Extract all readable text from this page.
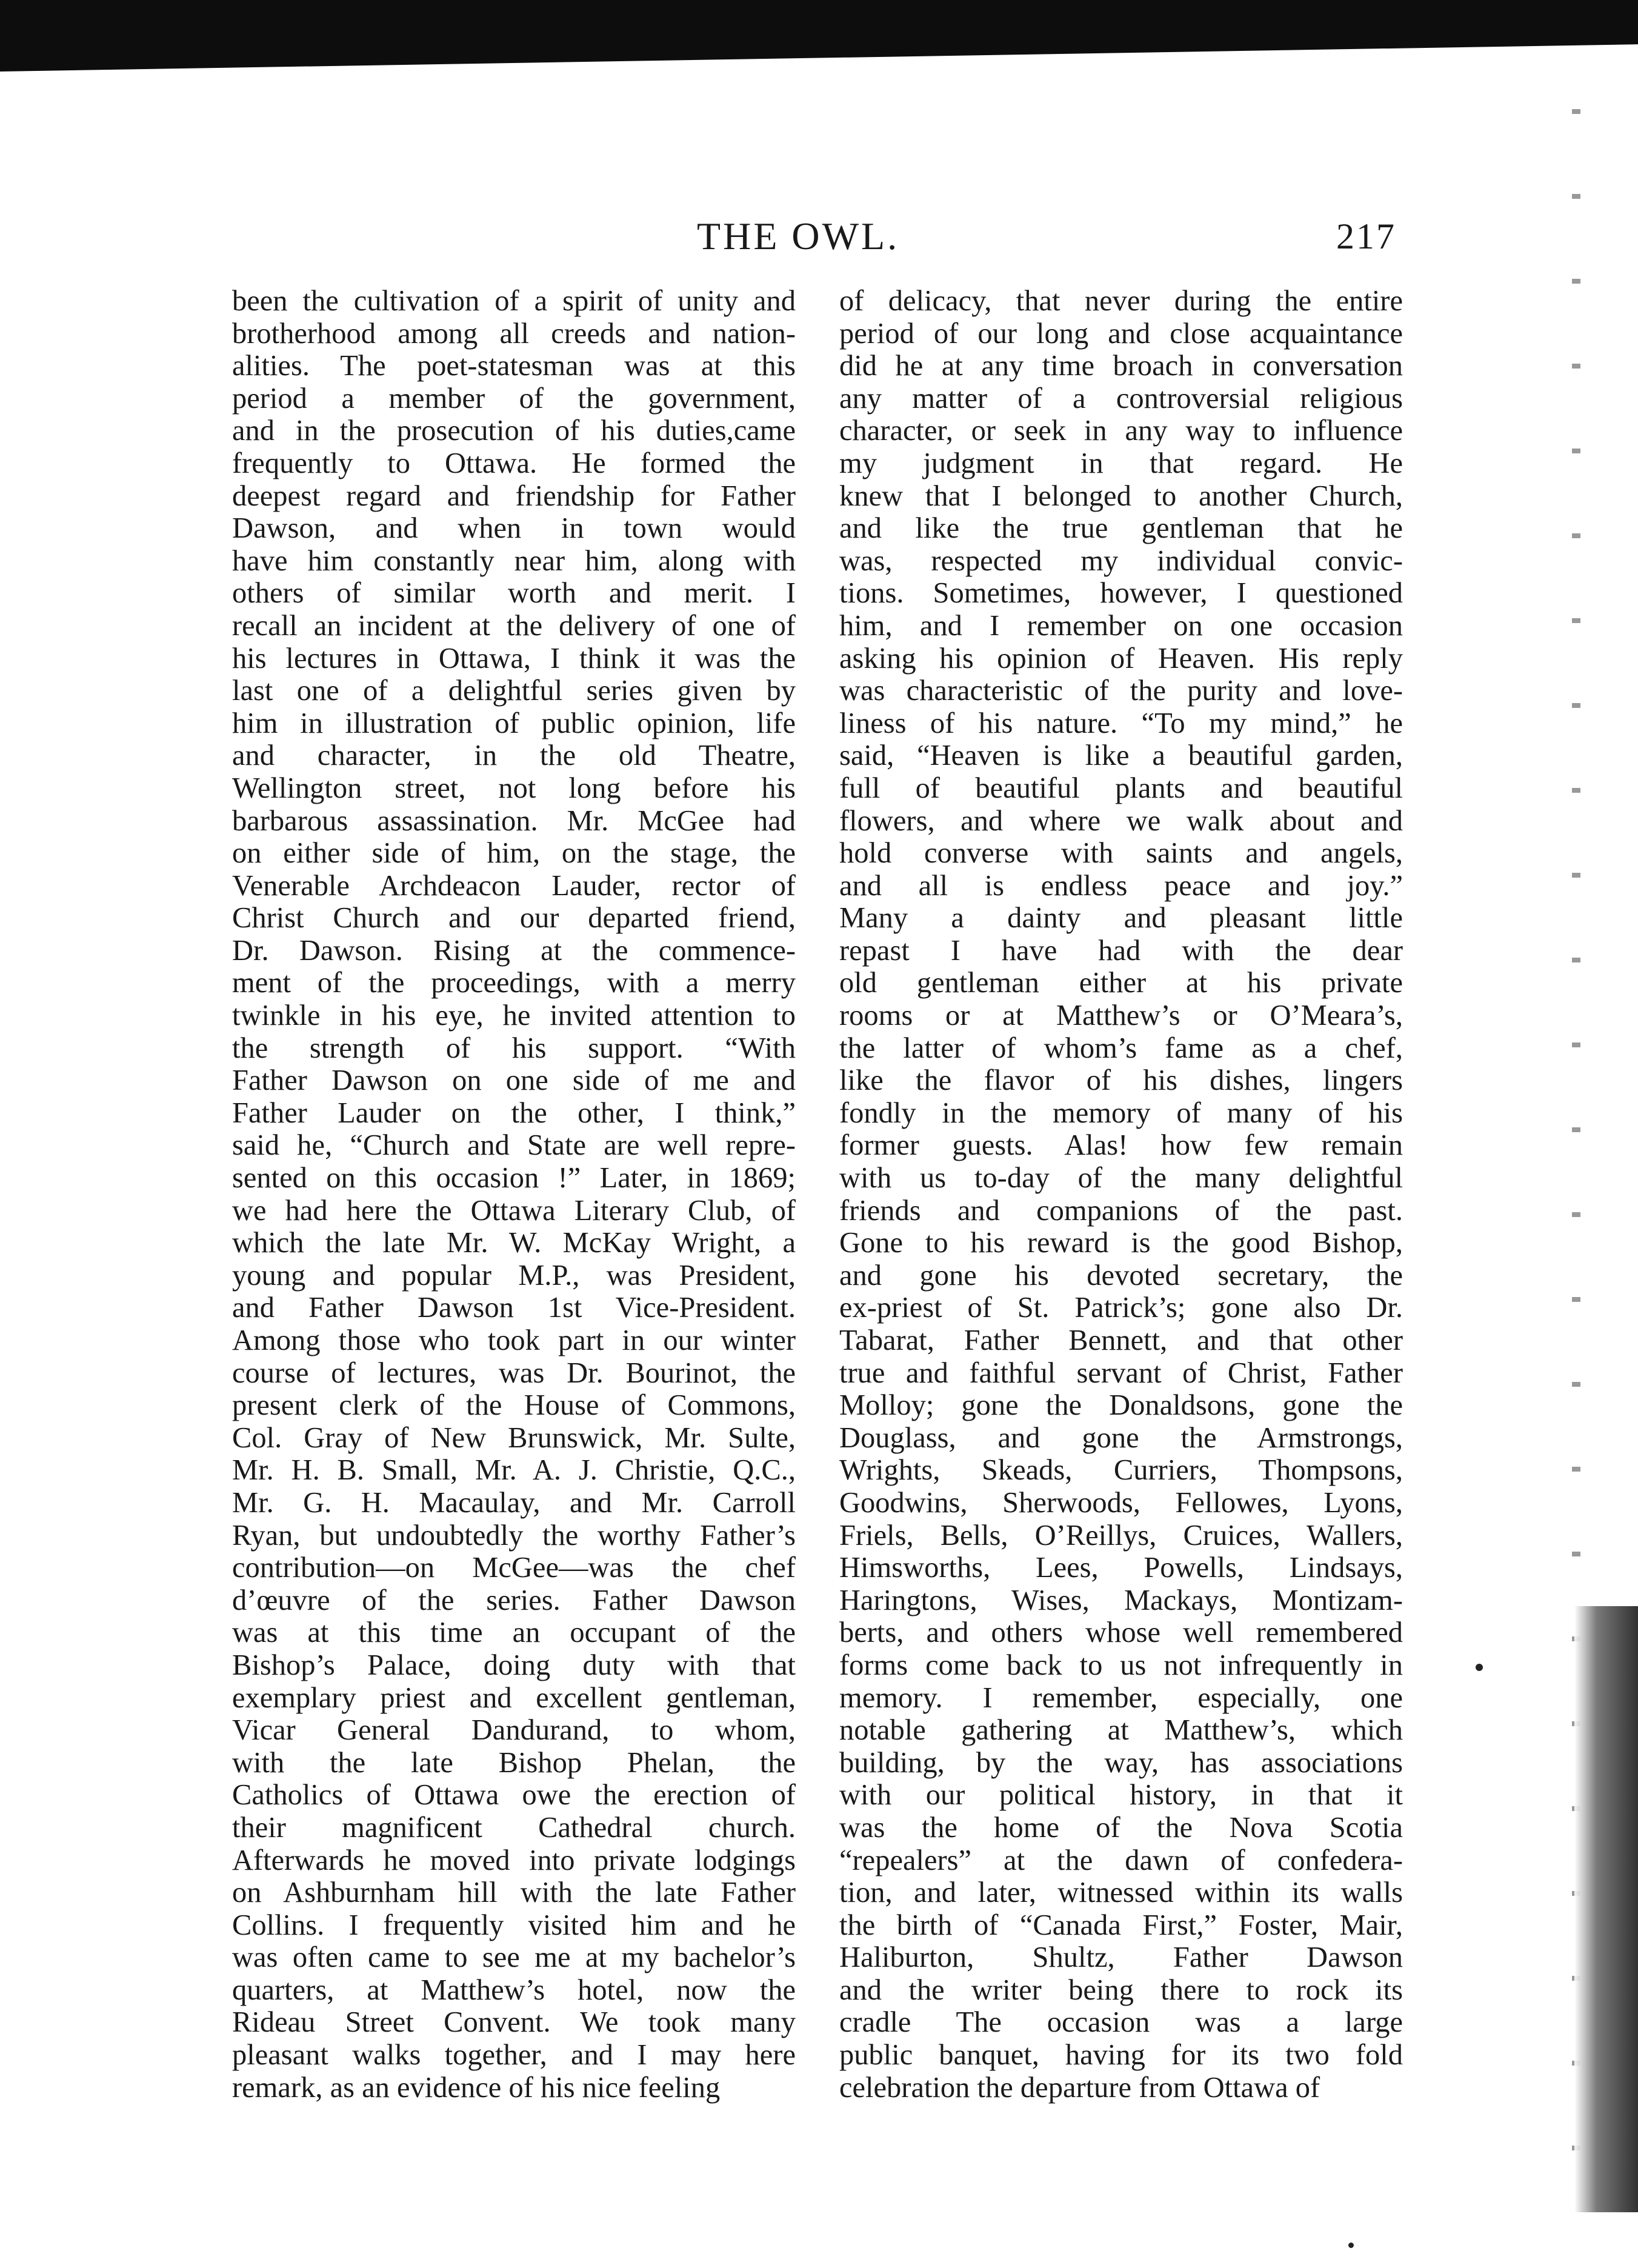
THE OWL.	217
been the cultivation of a spirit of unity and
brotherhood among all creeds and nation-
alities. The poet-statesman was at this
period a member of the government,
and in the prosecution of his duties,came
frequently to Ottawa. He formed the
deepest regard and friendship for Father
Dawson, and when in town would
have him constantly near him, along with
others of similar worth and merit. I
recall an incident at the delivery of one of
his lectures in Ottawa, I think it was the
last one of a delightful series given by
him in illustration of public opinion, life
and character, in the old Theatre,
Wellington street, not long before his
barbarous assassination. Mr. McGee had
on either side of him, on the stage, the
Venerable Archdeacon Lauder, rector of
Christ Church and our departed friend,
Dr. Dawson. Rising at the commence-
ment of the proceedings, with a merry
twinkle in his eye, he invited attention to
the strength of his support. “With
Father Dawson on one side of me and
Father Lauder on the other, I think,”
said he, “Church and State are well repre-
sented on this occasion !” Later, in 1869;
we had here the Ottawa Literary Club, of
which the late Mr. W. McKay Wright, a
young and popular M.P., was President,
and Father Dawson 1st Vice-President.
Among those who took part in our winter
course of lectures, was Dr. Bourinot, the
present clerk of the House of Commons,
Col. Gray of New Brunswick, Mr. Sulte,
Mr. H. B. Small, Mr. A. J. Christie, Q.C.,
Mr. G. H. Macaulay, and Mr. Carroll
Ryan, but undoubtedly the worthy Father’s
contribution—on McGee—was the chef
d’œuvre of the series. Father Dawson
was at this time an occupant of the
Bishop’s Palace, doing duty with that
exemplary priest and excellent gentleman,
Vicar General Dandurand, to whom,
with the late Bishop Phelan, the
Catholics of Ottawa owe the erection of
their magnificent Cathedral church.
Afterwards he moved into private lodgings
on Ashburnham hill with the late Father
Collins. I frequently visited him and he
was often came to see me at my bachelor’s
quarters, at Matthew’s hotel, now the
Rideau Street Convent. We took many
pleasant walks together, and I may here
remark, as an evidence of his nice feeling
of delicacy, that never during the entire
period of our long and close acquaintance
did he at any time broach in conversation
any matter of a controversial religious
character, or seek in any way to influence
my judgment in that regard. He
knew that I belonged to another Church,
and like the true gentleman that he
was, respected my individual convic-
tions. Sometimes, however, I questioned
him, and I remember on one occasion
asking his opinion of Heaven. His reply
was characteristic of the purity and love-
liness of his nature. “To my mind,” he
said, “Heaven is like a beautiful garden,
full of beautiful plants and beautiful
flowers, and where we walk about and
hold converse with saints and angels,
and all is endless peace and joy.”
Many a dainty and pleasant little
repast I have had with the dear
old gentleman either at his private
rooms or at Matthew’s or O’Meara’s,
the latter of whom’s fame as a chef,
like the flavor of his dishes, lingers
fondly in the memory of many of his
former guests. Alas! how few remain
with us to-day of the many delightful
friends and companions of the past.
Gone to his reward is the good Bishop,
and gone his devoted secretary, the
ex-priest of St. Patrick’s; gone also Dr.
Tabarat, Father Bennett, and that other
true and faithful servant of Christ, Father
Molloy; gone the Donaldsons, gone the
Douglass, and gone the Armstrongs,
Wrights, Skeads, Curriers, Thompsons,
Goodwins, Sherwoods, Fellowes, Lyons,
Friels, Bells, O’Reillys, Cruices, Wallers,
Himsworths, Lees, Powells, Lindsays,
Haringtons, Wises, Mackays, Montizam-
berts, and others whose well remembered
forms come back to us not infrequently in
memory. I remember, especially, one
notable gathering at Matthew’s, which
building, by the way, has associations
with our political history, in that it
was the home of the Nova Scotia
“repealers” at the dawn of confedera-
tion, and later, witnessed within its walls
the birth of “Canada First,” Foster, Mair,
Haliburton, Shultz, Father Dawson
and the writer being there to rock its
cradle The occasion was a large
public banquet, having for its two fold
celebration the departure from Ottawa of
